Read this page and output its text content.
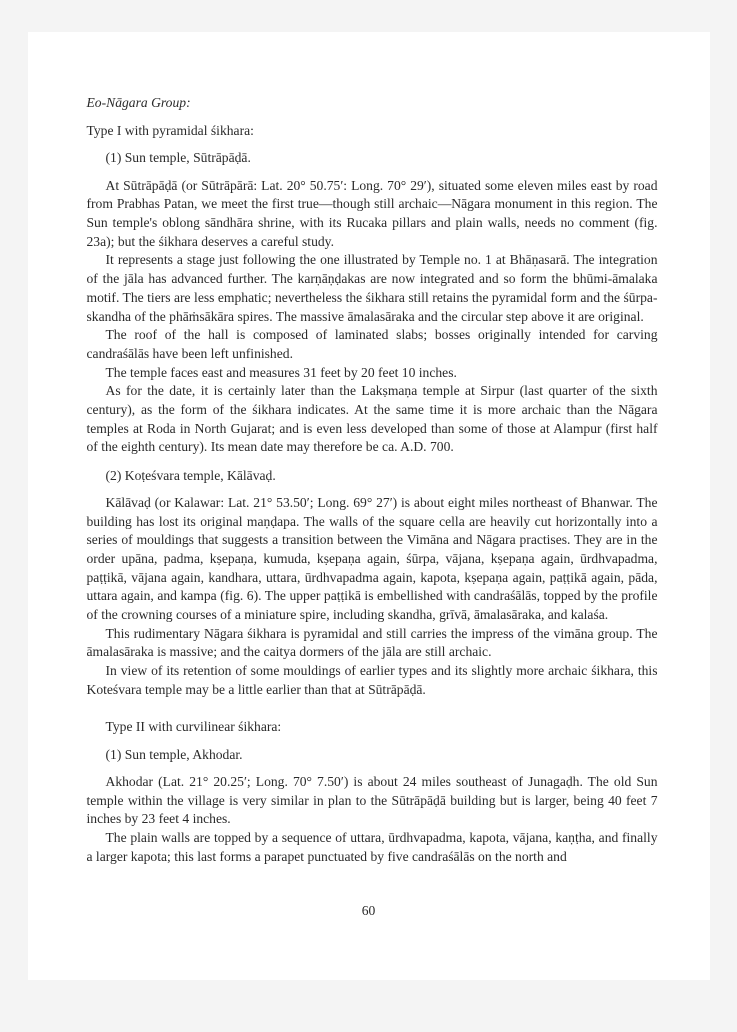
Eo-Nāgara Group:

Type I with pyramidal śikhara:

(1) Sun temple, Sūtrāpāḍā.

At Sūtrāpāḍā (or Sūtrāpārā: Lat. 20° 50.75′: Long. 70° 29′), situated some eleven miles east by road from Prabhas Patan, we meet the first true—though still archaic—Nāgara monument in this region. The Sun temple's oblong sāndhāra shrine, with its Rucaka pillars and plain walls, needs no comment (fig. 23a); but the śikhara deserves a careful study.

It represents a stage just following the one illustrated by Temple no. 1 at Bhāṇasarā. The integration of the jāla has advanced further. The karṇāṇḍakas are now integrated and so form the bhūmi-āmalaka motif. The tiers are less emphatic; nevertheless the śikhara still retains the pyramidal form and the śūrpa-skandha of the phāṁsākāra spires. The massive āmalasāraka and the circular step above it are original.

The roof of the hall is composed of laminated slabs; bosses originally intended for carving candraśālās have been left unfinished.

The temple faces east and measures 31 feet by 20 feet 10 inches.

As for the date, it is certainly later than the Lakṣmaṇa temple at Sirpur (last quarter of the sixth century), as the form of the śikhara indicates. At the same time it is more archaic than the Nāgara temples at Roda in North Gujarat; and is even less developed than some of those at Alampur (first half of the eighth century). Its mean date may therefore be ca. A.D. 700.

(2) Koṭeśvara temple, Kālāvaḍ.

Kālāvaḍ (or Kalawar: Lat. 21° 53.50′; Long. 69° 27′) is about eight miles northeast of Bhanwar. The building has lost its original maṇḍapa. The walls of the square cella are heavily cut horizontally into a series of mouldings that suggests a transition between the Vimāna and Nāgara practises. They are in the order upāna, padma, kṣepaṇa, kumuda, kṣepaṇa again, śūrpa, vājana, kṣepaṇa again, ūrdhvapadma, paṭṭikā, vājana again, kandhara, uttara, ūrdhvapadma again, kapota, kṣepaṇa again, paṭṭikā again, pāda, uttara again, and kampa (fig. 6). The upper paṭṭikā is embellished with candraśālās, topped by the profile of the crowning courses of a miniature spire, including skandha, grīvā, āmalasāraka, and kalaśa.

This rudimentary Nāgara śikhara is pyramidal and still carries the impress of the vimāna group. The āmalasāraka is massive; and the caitya dormers of the jāla are still archaic.

In view of its retention of some mouldings of earlier types and its slightly more archaic śikhara, this Koteśvara temple may be a little earlier than that at Sūtrāpāḍā.

Type II with curvilinear śikhara:

(1) Sun temple, Akhodar.

Akhodar (Lat. 21° 20.25′; Long. 70° 7.50′) is about 24 miles southeast of Junagaḍh. The old Sun temple within the village is very similar in plan to the Sūtrāpāḍā building but is larger, being 40 feet 7 inches by 23 feet 4 inches.

The plain walls are topped by a sequence of uttara, ūrdhvapadma, kapota, vājana, kaṇṭha, and finally a larger kapota; this last forms a parapet punctuated by five candraśālās on the north and

60
